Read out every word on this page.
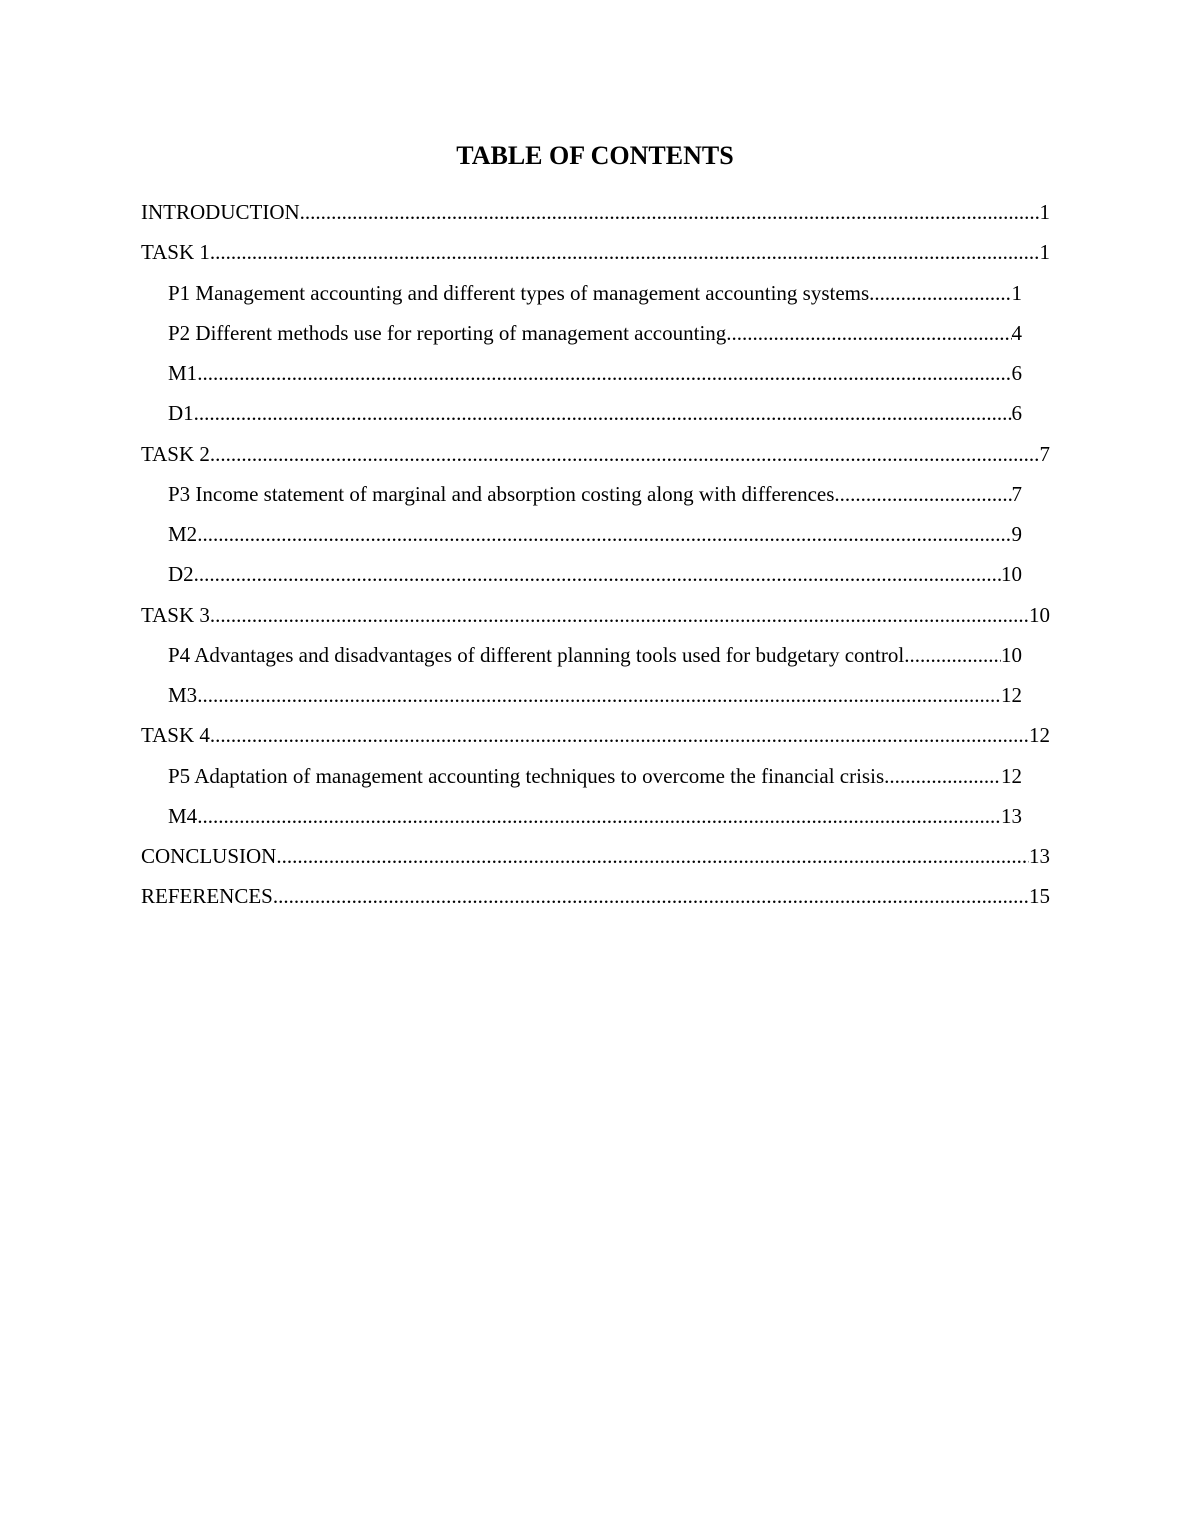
TABLE OF CONTENTS
INTRODUCTION .....	1
TASK 1 .....	1
P1 Management accounting and different types of management accounting systems .....	1
P2 Different methods use for reporting of management accounting .....	4
M1 .....	6
D1 .....	6
TASK 2 .....	7
P3 Income statement of marginal and absorption costing along with differences .....	7
M2 .....	9
D2 .....	10
TASK 3 .....	10
P4 Advantages and disadvantages of different planning tools used for budgetary control .....	10
M3 .....	12
TASK 4 .....	12
P5 Adaptation of management accounting techniques to overcome the financial crisis. .....	12
M4 .....	13
CONCLUSION .....	13
REFERENCES .....	15
